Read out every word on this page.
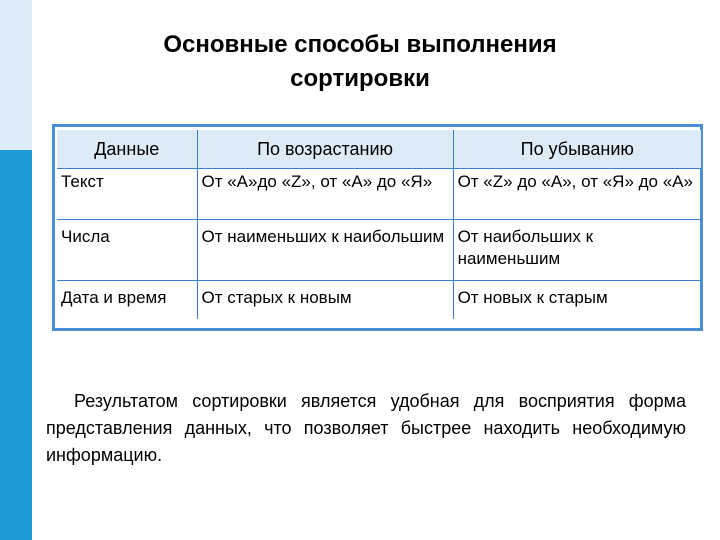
Основные способы выполнения
сортировки
Данные	По возрастанию	По убыванию
Текст	От «А»до «Z», от «А» до «Я»	От «Z» до «А», от «Я» до «А»
Числа	От наименьших к наибольшим	От наибольших к наименьшим
Дата и время	От старых к новым	От новых к старым

Результатом сортировки является удобная для восприятия форма представления данных, что позволяет быстрее находить необходимую информацию.
